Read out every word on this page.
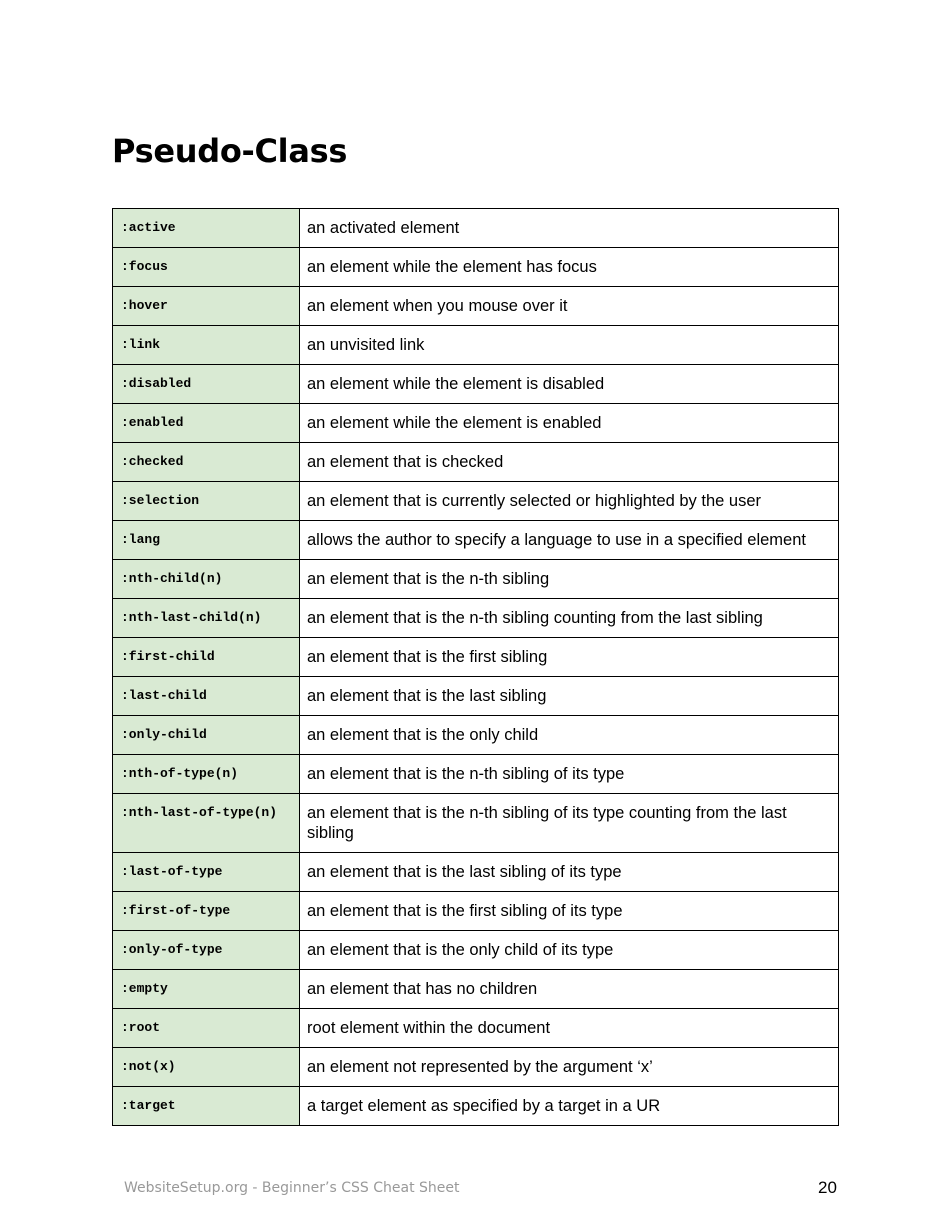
Pseudo-Class
:active	an activated element
:focus	an element while the element has focus
:hover	an element when you mouse over it
:link	an unvisited link
:disabled	an element while the element is disabled
:enabled	an element while the element is enabled
:checked	an element that is checked
:selection	an element that is currently selected or highlighted by the user
:lang	allows the author to specify a language to use in a specified element
:nth-child(n)	an element that is the n-th sibling
:nth-last-child(n)	an element that is the n-th sibling counting from the last sibling
:first-child	an element that is the first sibling
:last-child	an element that is the last sibling
:only-child	an element that is the only child
:nth-of-type(n)	an element that is the n-th sibling of its type
:nth-last-of-type(n)	an element that is the n-th sibling of its type counting from the last sibling
:last-of-type	an element that is the last sibling of its type
:first-of-type	an element that is the first sibling of its type
:only-of-type	an element that is the only child of its type
:empty	an element that has no children
:root	root element within the document
:not(x)	an element not represented by the argument ‘x’
:target	a target element as specified by a target in a UR
WebsiteSetup.org - Beginner’s CSS Cheat Sheet	20
